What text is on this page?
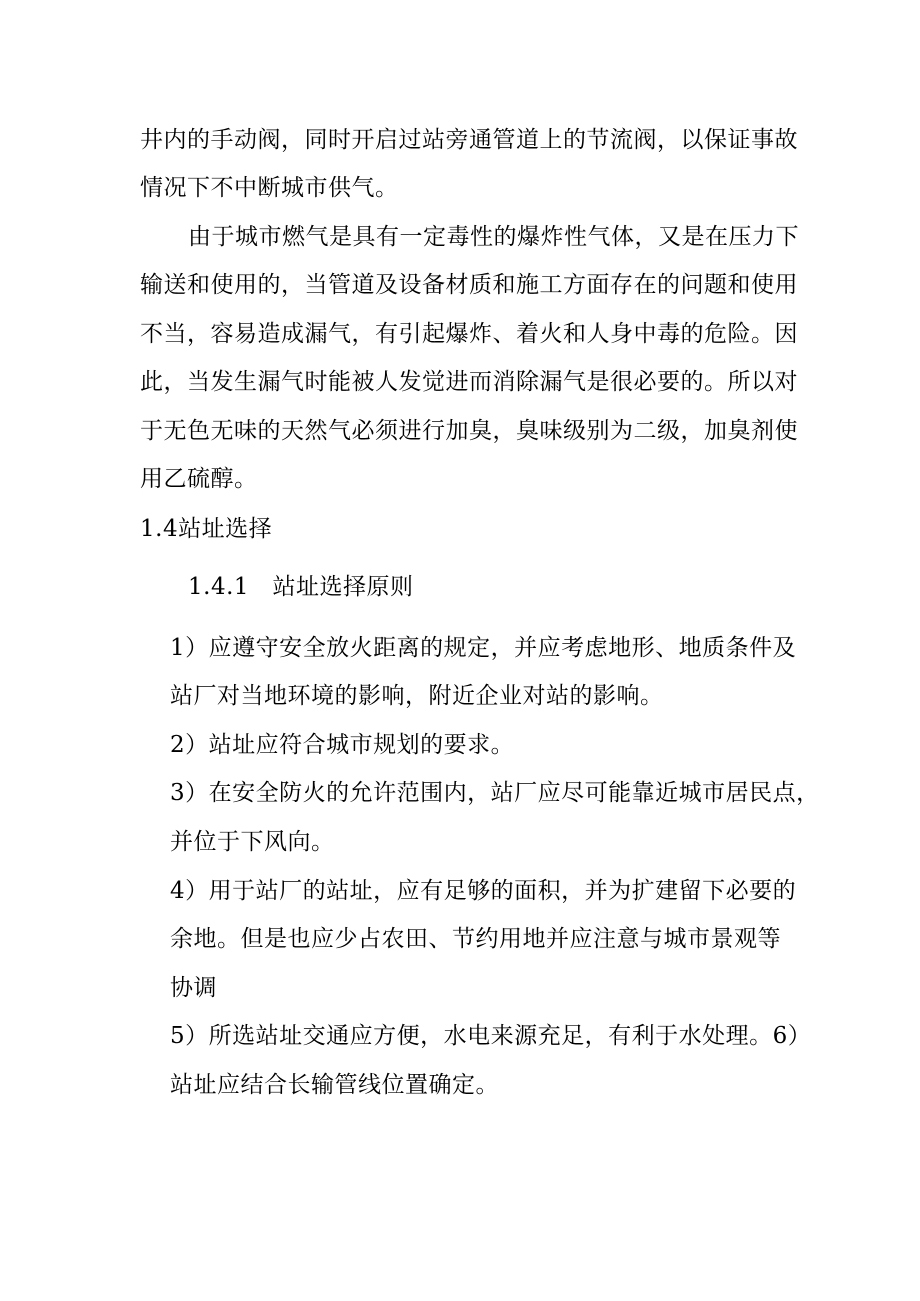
井内的手动阀，同时开启过站旁通管道上的节流阀，以保证事故
情况下不中断城市供气。
由于城市燃气是具有一定毒性的爆炸性气体，又是在压力下
输送和使用的，当管道及设备材质和施工方面存在的问题和使用
不当，容易造成漏气，有引起爆炸、着火和人身中毒的危险。因
此，当发生漏气时能被人发觉进而消除漏气是很必要的。所以对
于无色无味的天然气必须进行加臭，臭味级别为二级，加臭剂使
用乙硫醇。
1.4站址选择
1.4.1　站址选择原则
1）应遵守安全放火距离的规定，并应考虑地形、地质条件及
站厂对当地环境的影响，附近企业对站的影响。
2）站址应符合城市规划的要求。
3）在安全防火的允许范围内，站厂应尽可能靠近城市居民点，
并位于下风向。
4）用于站厂的站址，应有足够的面积，并为扩建留下必要的
余地。但是也应少占农田、节约用地并应注意与城市景观等
协调
5）所选站址交通应方便，水电来源充足，有利于水处理。6）
站址应结合长输管线位置确定。
